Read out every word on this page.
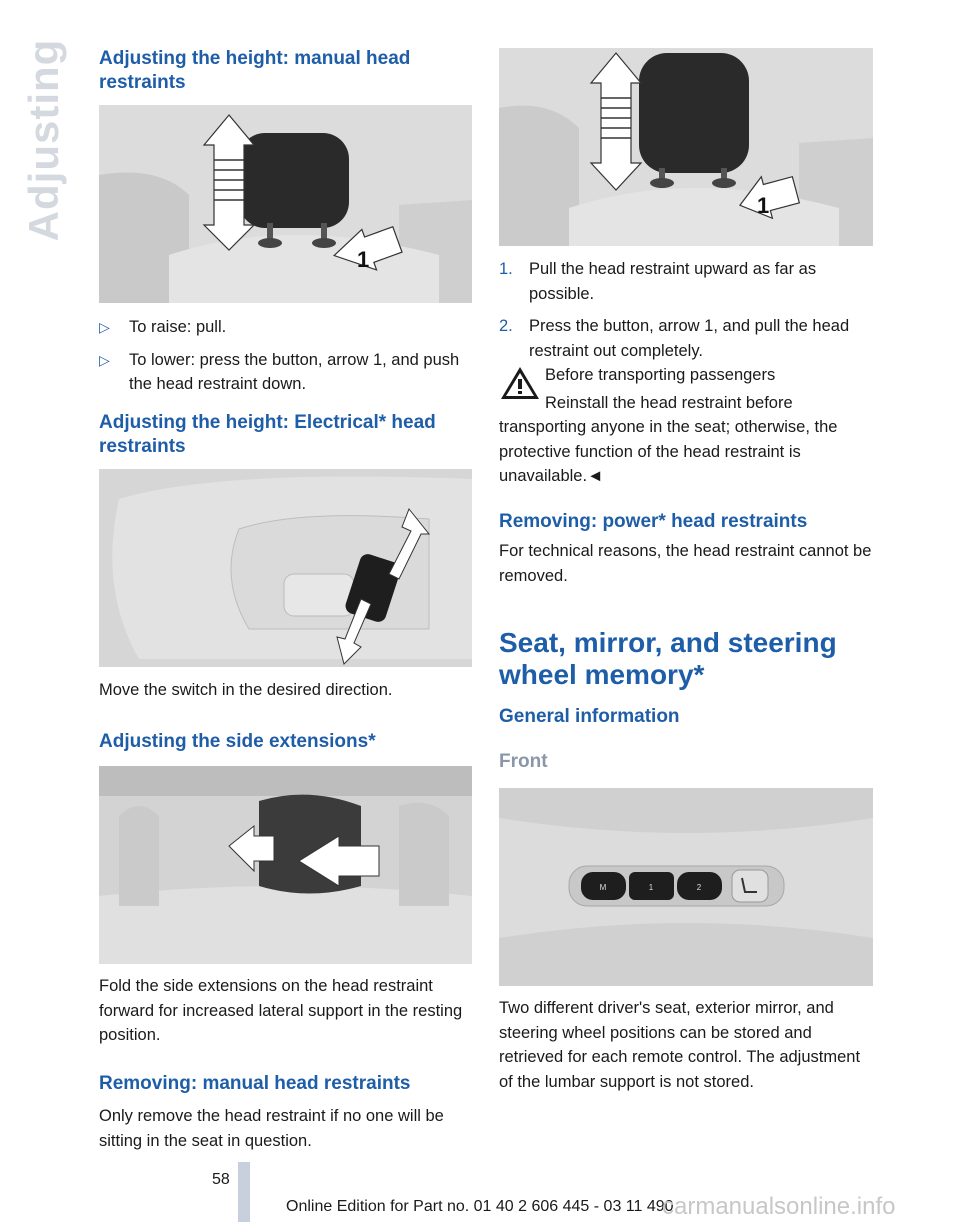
Adjusting Adjusting the height: manual head restraints
1
▷ To raise: pull.
▷ To lower: press the button, arrow 1, and push the head restraint down.
Adjusting the height: Electrical* head restraints

Move the switch in the desired direction.

Adjusting the side extensions*

Fold the side extensions on the head restraint forward for increased lateral support in the resting position.

Removing: manual head restraints

Only remove the head restraint if no one will be sitting in the seat in question.

1
1. Pull the head restraint upward as far as possible.
2. Press the button, arrow 1, and pull the head restraint out completely.

Before transporting passengers

Reinstall the head restraint before transporting anyone in the seat; otherwise, the protective function of the head restraint is unavailable.◄

Removing: power* head restraints

For technical reasons, the head restraint cannot be removed.

Seat, mirror, and steering wheel memory*
General information
Front
M	1	2

Two different driver's seat, exterior mirror, and steering wheel positions can be stored and retrieved for each remote control. The adjustment of the lumbar support is not stored.

58
Online Edition for Part no. 01 40 2 606 445 - 03 11 490
carmanualsonline.info
